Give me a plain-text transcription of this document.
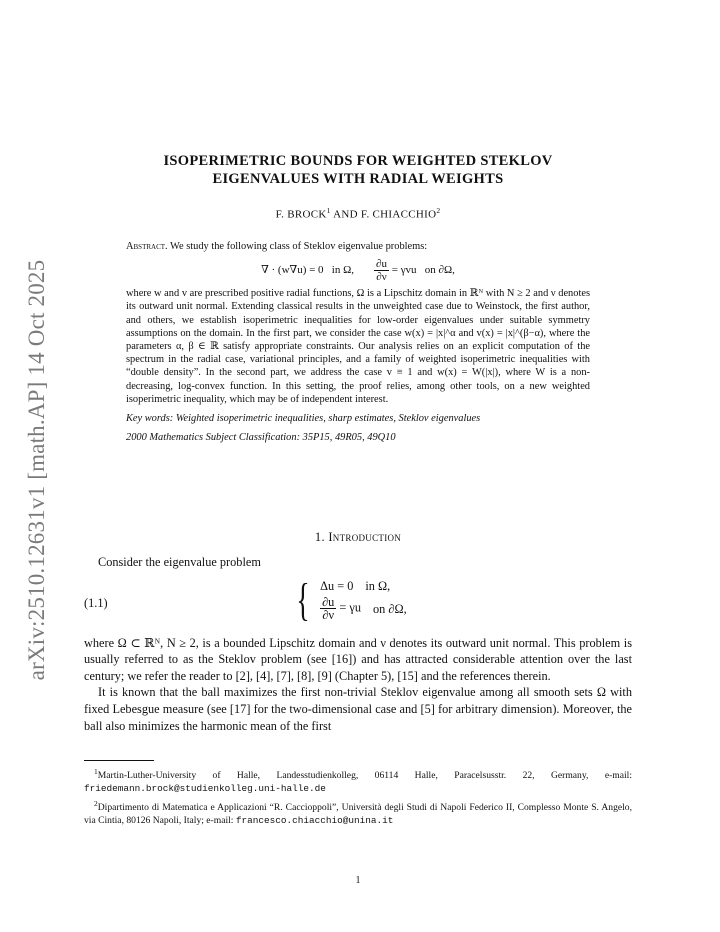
arXiv:2510.12631v1 [math.AP] 14 Oct 2025
ISOPERIMETRIC BOUNDS FOR WEIGHTED STEKLOV
EIGENVALUES WITH RADIAL WEIGHTS
F. BROCK$^1$ AND F. CHIACCHIO$^2$
Abstract. We study the following class of Steklov eigenvalue problems:
∇ · (w∇u) = 0   in Ω, $\frac{\partial u}{\partial\nu} = \gamma vu$   on ∂Ω,
where w and v are prescribed positive radial functions, Ω is a Lipschitz domain in ℝᴺ with N ≥ 2 and ν denotes its outward unit normal. Extending classical results in the unweighted case due to Weinstock, the first author, and others, we establish isoperimetric inequalities for low-order eigenvalues under suitable symmetry assumptions on the domain. In the first part, we consider the case w(x) = |x|^α and v(x) = |x|^(β−α), where the parameters α, β ∈ ℝ satisfy appropriate constraints. Our analysis relies on an explicit computation of the spectrum in the radial case, variational principles, and a family of weighted isoperimetric inequalities with “double density”. In the second part, we address the case v ≡ 1 and w(x) = W(|x|), where W is a non-decreasing, log-convex function. In this setting, the proof relies, among other tools, on a new weighted isoperimetric inequality, which may be of independent interest.
Key words: Weighted isoperimetric inequalities, sharp estimates, Steklov eigenvalues
2000 Mathematics Subject Classification: 35P15, 49R05, 49Q10
1. Introduction

Consider the eigenvalue problem

(1.1)	{ Δu = 0 in Ω,
$\frac{\partial u}{\partial\nu} = \gamma u$ on ∂Ω,

where Ω ⊂ ℝᴺ, N ≥ 2, is a bounded Lipschitz domain and ν denotes its outward unit normal. This problem is usually referred to as the Steklov problem (see [16]) and has attracted considerable attention over the last century; we refer the reader to [2], [4], [7], [8], [9] (Chapter 5), [15] and the references therein.

It is known that the ball maximizes the first non-trivial Steklov eigenvalue among all smooth sets Ω with fixed Lebesgue measure (see [17] for the two-dimensional case and [5] for arbitrary dimension). Moreover, the ball also minimizes the harmonic mean of the first

$^1$Martin-Luther-University of Halle, Landesstudienkolleg, 06114 Halle, Paracelsusstr. 22, Germany, e-mail: friedemann.brock@studienkolleg.uni-halle.de

$^2$Dipartimento di Matematica e Applicazioni “R. Caccioppoli”, Università degli Studi di Napoli Federico II, Complesso Monte S. Angelo, via Cintia, 80126 Napoli, Italy; e-mail: francesco.chiacchio@unina.it

1
